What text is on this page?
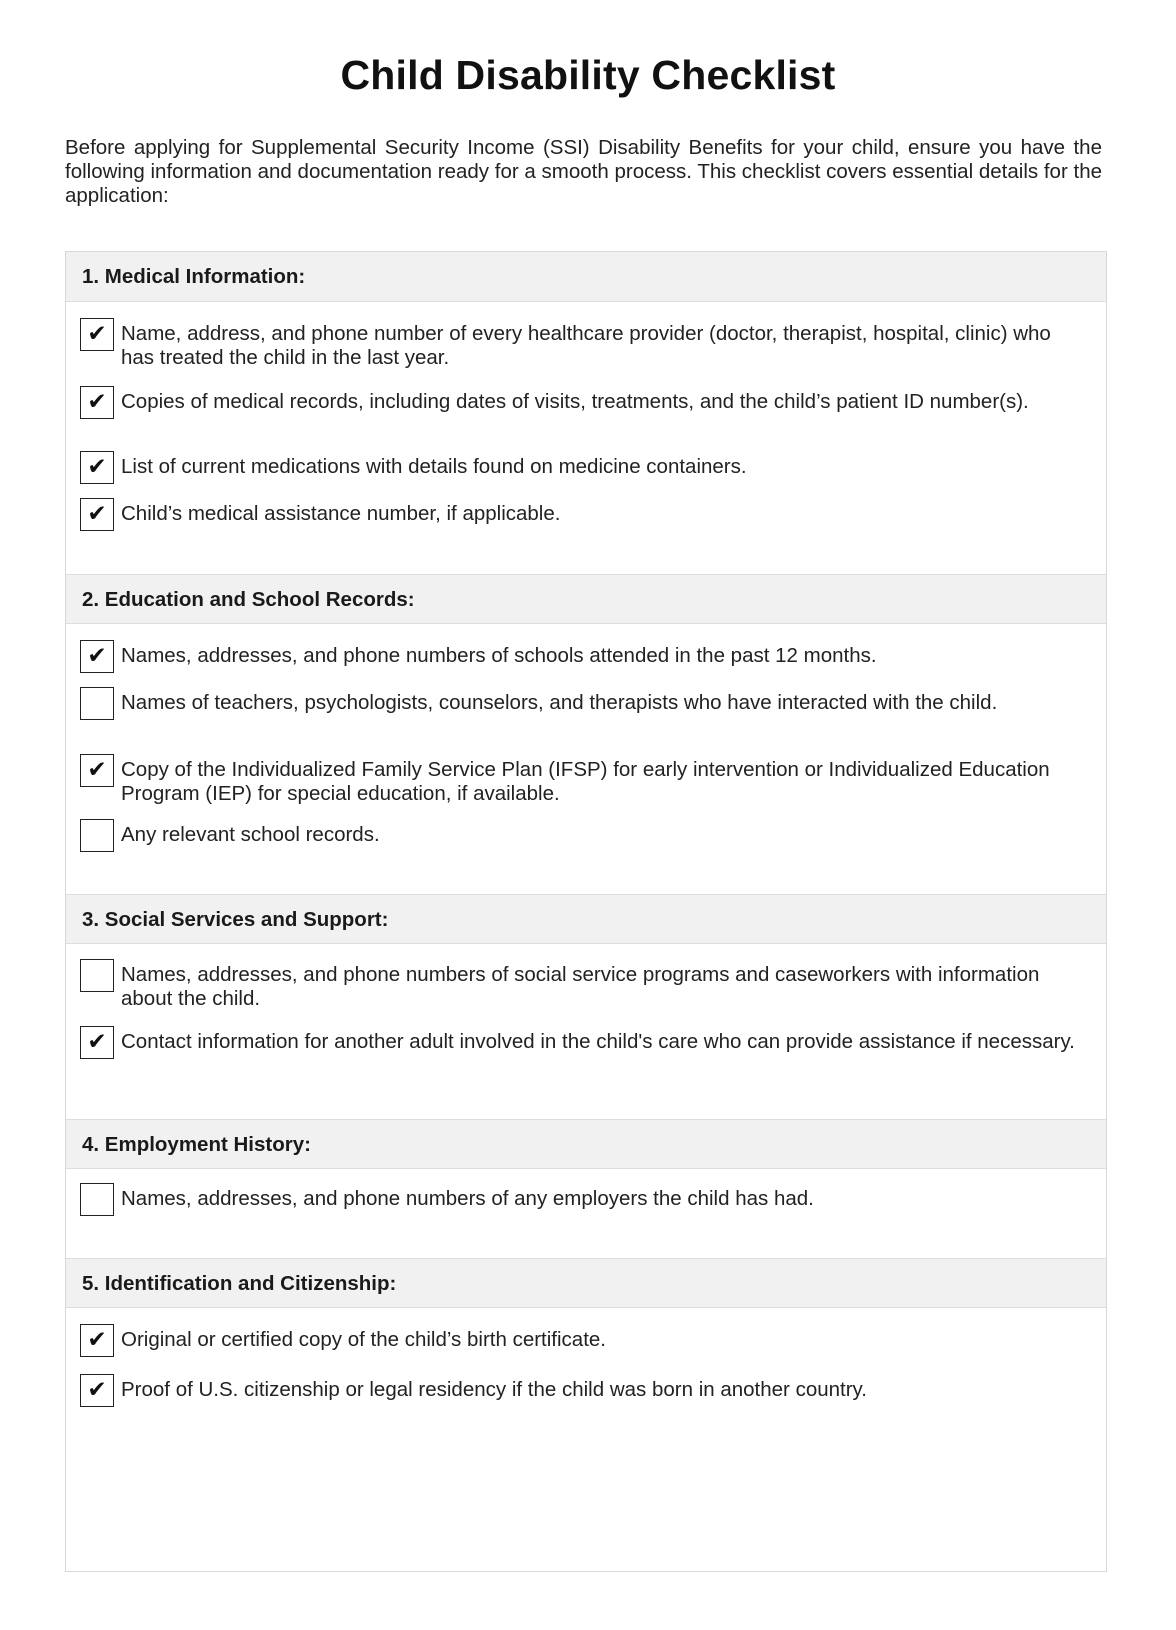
Child Disability Checklist

Before applying for Supplemental Security Income (SSI) Disability Benefits for your child, ensure you have the following information and documentation ready for a smooth process. This checklist covers essential details for the application:

1. Medical Information:
✔ Name, address, and phone number of every healthcare provider (doctor, therapist, hospital, clinic) who has treated the child in the last year.
✔ Copies of medical records, including dates of visits, treatments, and the child’s patient ID number(s).
✔ List of current medications with details found on medicine containers.
✔ Child’s medical assistance number, if applicable.
2. Education and School Records:
✔ Names, addresses, and phone numbers of schools attended in the past 12 months.
Names of teachers, psychologists, counselors, and therapists who have interacted with the child.
✔ Copy of the Individualized Family Service Plan (IFSP) for early intervention or Individualized Education Program (IEP) for special education, if available.
Any relevant school records.
3. Social Services and Support:
Names, addresses, and phone numbers of social service programs and caseworkers with information about the child.
✔ Contact information for another adult involved in the child's care who can provide assistance if necessary.
4. Employment History:
Names, addresses, and phone numbers of any employers the child has had.
5. Identification and Citizenship:
✔ Original or certified copy of the child’s birth certificate.
✔ Proof of U.S. citizenship or legal residency if the child was born in another country.
